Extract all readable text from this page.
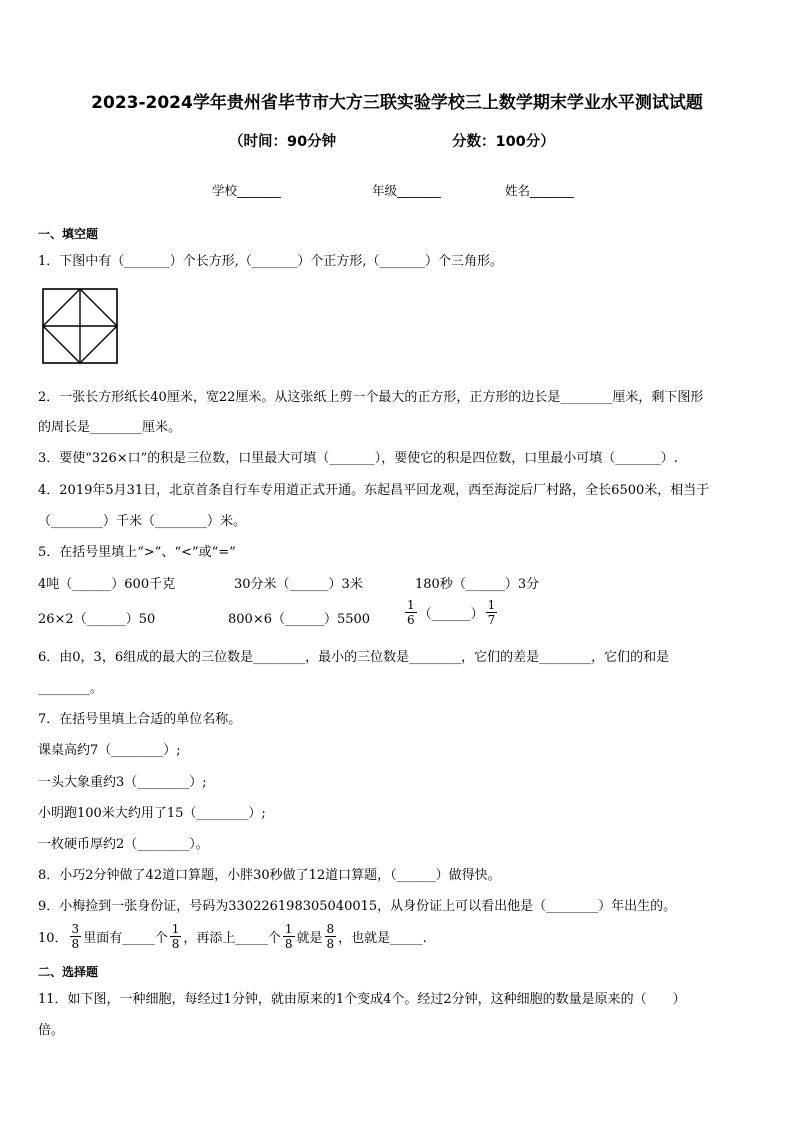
2023-2024学年贵州省毕节市大方三联实验学校三上数学期末学业水平测试试题
（时间：90分钟	分数：100分）
学校_______	年级_______	姓名_______
一、填空题
1．下图中有（_______）个长方形,（_______）个正方形,（_______）个三角形。
2．一张长方形纸长40厘米，宽22厘米。从这张纸上剪一个最大的正方形，正方形的边长是________厘米，剩下图形
的周长是________厘米。
3．要使“326×口”的积是三位数，口里最大可填（_______），要使它的积是四位数，口里最小可填（_______）.
4．2019年5月31日，北京首条自行车专用道正式开通。东起昌平回龙观，西至海淀后厂村路，全长6500米，相当于
（________）千米（________）米。
5．在括号里填上“>”、“<”或“=”
4吨（______）600千克	30分米（______）3米	180秒（______）3分
26×2（______）50	800×6（______）5500	$\frac{1}{6}$ （______） $\frac{1}{7}$
6．由0，3，6组成的最大的三位数是________，最小的三位数是________，它们的差是________，它们的和是
________。
7．在括号里填上合适的单位名称。
课桌高约7（________）;
一头大象重约3（________）;
小明跑100米大约用了15（________）;
一枚硬币厚约2（________）。
8．小巧2分钟做了42道口算题，小胖30秒做了12道口算题，（______）做得快。
9．小梅捡到一张身份证，号码为33022619830504001​5，从身份证上可以看出他是（________）年出生的。
10． $\frac{3}{8}$ 里面有_____个 $\frac{1}{8}$ ，再添上_____个 $\frac{1}{8}$ 就是 $\frac{8}{8}$ ，也就是_____.
二、选择题
11．如下图，一种细胞，每经过1分钟，就由原来的1个变成4个。经过2分钟，这种细胞的数量是原来的（　　）
倍。
